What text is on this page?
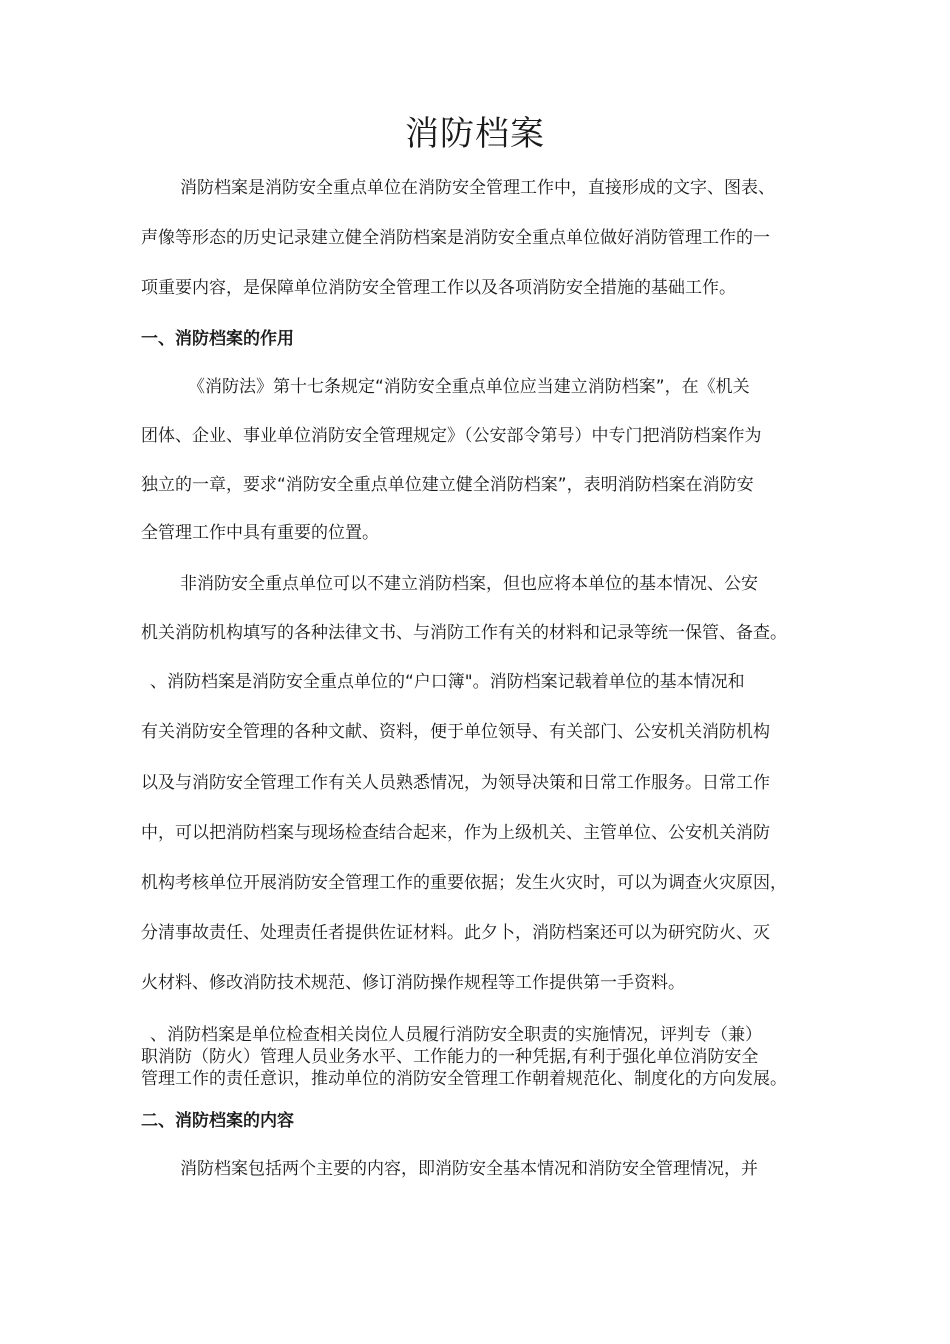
消防档案
消防档案是消防安全重点单位在消防安全管理工作中，直接形成的文字、图表、
声像等形态的历史记录建立健全消防档案是消防安全重点单位做好消防管理工作的一
项重要内容，是保障单位消防安全管理工作以及各项消防安全措施的基础工作。
一、消防档案的作用
《消防法》第十七条规定“消防安全重点单位应当建立消防档案”，在《机关
团体、企业、事业单位消防安全管理规定》（公安部令第号）中专门把消防档案作为
独立的一章，要求“消防安全重点单位建立健全消防档案”，表明消防档案在消防安
全管理工作中具有重要的位置。
非消防安全重点单位可以不建立消防档案，但也应将本单位的基本情况、公安
机关消防机构填写的各种法律文书、与消防工作有关的材料和记录等统一保管、备查。
、消防档案是消防安全重点单位的“户口簿"。消防档案记载着单位的基本情况和
有关消防安全管理的各种文献、资料，便于单位领导、有关部门、公安机关消防机构
以及与消防安全管理工作有关人员熟悉情况，为领导决策和日常工作服务。日常工作
中，可以把消防档案与现场检查结合起来，作为上级机关、主管单位、公安机关消防
机构考核单位开展消防安全管理工作的重要依据；发生火灾时，可以为调查火灾原因，
分清事故责任、处理责任者提供佐证材料。此夕卜，消防档案还可以为研究防火、灭
火材料、修改消防技术规范、修订消防操作规程等工作提供第一手资料。
、消防档案是单位检查相关岗位人员履行消防安全职责的实施情况，评判专（兼）
职消防（防火）管理人员业务水平、工作能力的一种凭据,有利于强化单位消防安全
管理工作的责任意识，推动单位的消防安全管理工作朝着规范化、制度化的方向发展。
二、消防档案的内容
消防档案包括两个主要的内容，即消防安全基本情况和消防安全管理情况，并
